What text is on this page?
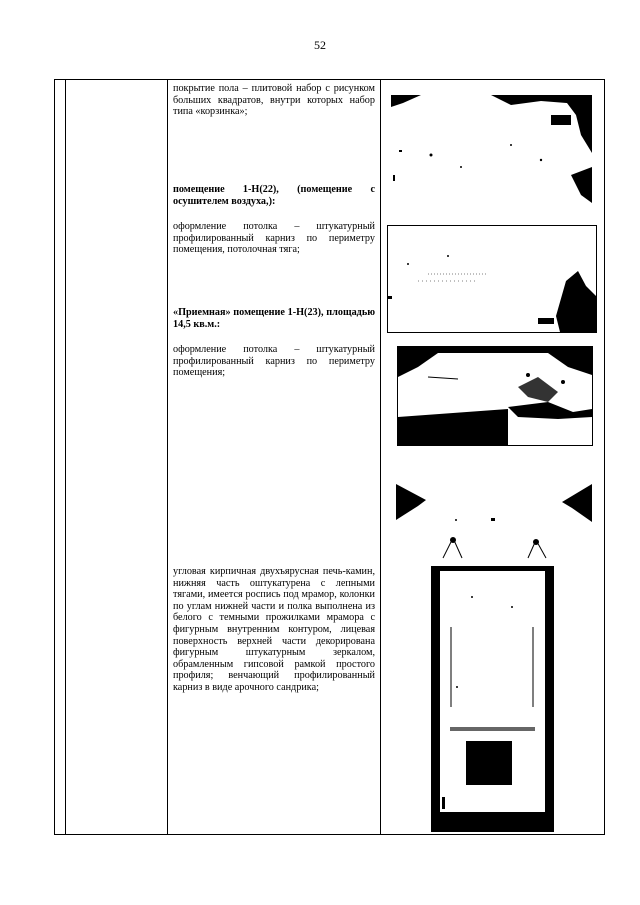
52
покрытие пола – плитовой набор с рисунком больших квадратов, внутри которых набор типа «корзинка»;
помещение 1-Н(22), (помещение с осушителем воздуха,):
оформление потолка – штукатурный профилированный карниз по периметру помещения, потолочная тяга;
«Приемная» помещение 1-Н(23), площадью 14,5 кв.м.:
оформление потолка – штукатурный профилированный карниз по периметру помещения;
угловая кирпичная двухъярусная печь-камин, нижняя часть оштукатурена с лепными тягами, имеется роспись под мрамор, колонки по углам нижней части и полка выполнена из белого с темными прожилками мрамора с фигурным внутренним контуром, лицевая поверхность верхней части декорирована фигурным штукатурным зеркалом, обрамленным гипсовой рамкой простого профиля; венчающий профилированный карниз в виде арочного сандрика;
